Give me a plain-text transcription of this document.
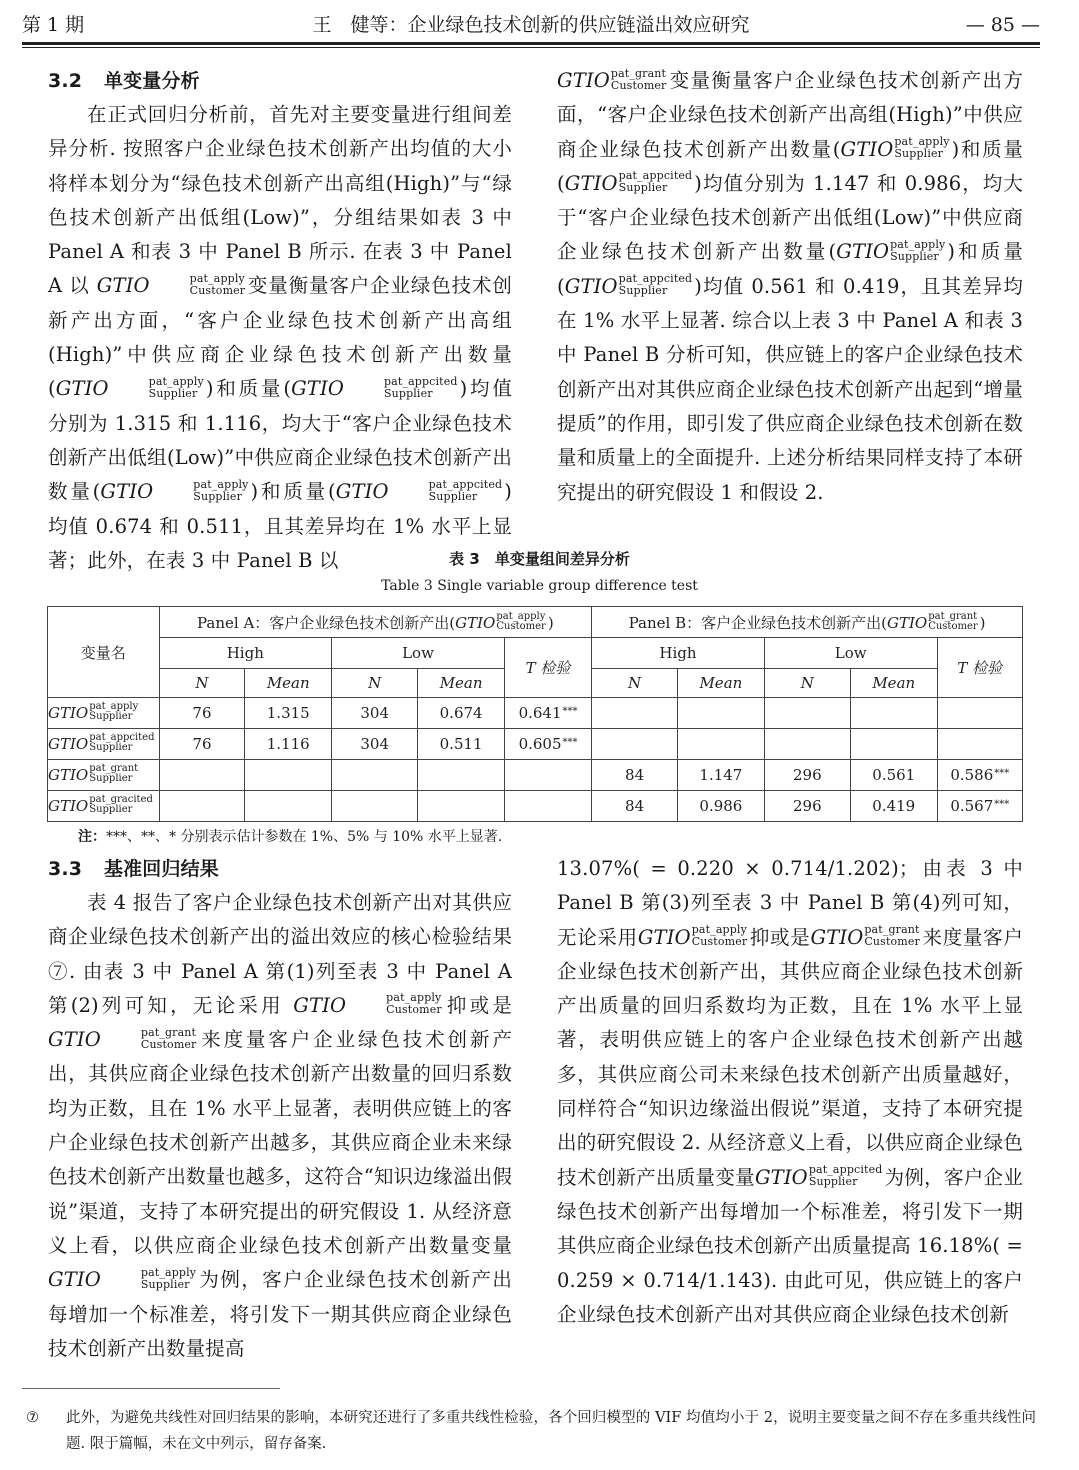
第 1 期	王　健等：企业绿色技术创新的供应链溢出效应研究	— 85 —
3.2 单变量分析

在正式回归分析前，首先对主要变量进行组间差异分析. 按照客户企业绿色技术创新产出均值的大小将样本划分为“绿色技术创新产出高组(High)”与“绿色技术创新产出低组(Low)”，分组结果如表 3 中 Panel A 和表 3 中 Panel B 所示. 在表 3 中 Panel A 以 GTIO	pat_apply
Customer 变量衡量客户企业绿色技术创新产出方面，“客户企业绿色技术创新产出高组(High)”中供应商企业绿色技术创新产出数量(GTIO	pat_apply
Supplier )和质量(GTIO	pat_appcited
Supplier	)均值分别为 1.315 和 1.116，均大于“客户企业绿色技术创新产出低组(Low)”中供应商企业绿色技术创新产出数量(GTIO	pat_apply
Supplier )和质量(GTIO	pat_appcited
Supplier	)均值 0.674 和 0.511，且其差异均在 1% 水平上显著；此外，在表 3 中 Panel B 以

GTIO pat_grant
Customer 变量衡量客户企业绿色技术创新产出方面，“客户企业绿色技术创新产出高组(High)”中供应商企业绿色技术创新产出数量(GTIO pat_apply
Supplier )和质量(GTIO pat_appcited
Supplier	)均值分别为 1.147 和 0.986，均大于“客户企业绿色技术创新产出低组(Low)”中供应商企业绿色技术创新产出数量(GTIO pat_apply
Supplier )和质量(GTIO pat_appcited
Supplier	)均值 0.561 和 0.419，且其差异均在 1% 水平上显著. 综合以上表 3 中 Panel A 和表 3 中 Panel B 分析可知，供应链上的客户企业绿色技术创新产出对其供应商企业绿色技术创新产出起到“增量提质”的作用，即引发了供应商企业绿色技术创新在数量和质量上的全面提升. 上述分析结果同样支持了本研究提出的研究假设 1 和假设 2.

表 3　单变量组间差异分析
Table 3 Single variable group difference test
变量名	Panel A：客户企业绿色技术创新产出(GTIO pat_apply
Customer )					Panel B：客户企业绿色技术创新产出(GTIO pat_grant
Customer )				
	High		Low		T 检验	High		Low		T 检验
	N	Mean	N	Mean		N	Mean	N	Mean	
GTIO pat_apply
Supplier	76	1.315	304	0.674	0.641***					
GTIO pat_appcited
Supplier	76	1.116	304	0.511	0.605***					
GTIO pat_grant
Supplier						84	1.147	296	0.561	0.586***
GTIO pat_gracited
Supplier						84	0.986	296	0.419	0.567***
注：***、**、* 分别表示估计参数在 1%、5% 与 10% 水平上显著.
3.3 基准回归结果

表 4 报告了客户企业绿色技术创新产出对其供应商企业绿色技术创新产出的溢出效应的核心检验结果⑦. 由表 3 中 Panel A 第(1)列至表 3 中 Panel A 第(2)列可知，无论采用 GTIO	pat_apply
Customer 抑或是GTIO	pat_grant
Customer 来度量客户企业绿色技术创新产出，其供应商企业绿色技术创新产出数量的回归系数均为正数，且在 1% 水平上显著，表明供应链上的客户企业绿色技术创新产出越多，其供应商企业未来绿色技术创新产出数量也越多，这符合“知识边缘溢出假说”渠道，支持了本研究提出的研究假设 1. 从经济意义上看，以供应商企业绿色技术创新产出数量变量GTIO	pat_apply
Supplier 为例，客户企业绿色技术创新产出每增加一个标准差，将引发下一期其供应商企业绿色技术创新产出数量提高

13.07%( = 0.220 × 0.714/1.202)；由表 3 中 Panel B 第(3)列至表 3 中 Panel B 第(4)列可知，无论采用GTIO pat_apply
Customer 抑或是GTIO pat_grant
Customer 来度量客户企业绿色技术创新产出，其供应商企业绿色技术创新产出质量的回归系数均为正数，且在 1% 水平上显著，表明供应链上的客户企业绿色技术创新产出越多，其供应商公司未来绿色技术创新产出质量越好，同样符合“知识边缘溢出假说”渠道，支持了本研究提出的研究假设 2. 从经济意义上看，以供应商企业绿色技术创新产出质量变量GTIO pat_appcited
Supplier	为例，客户企业绿色技术创新产出每增加一个标准差，将引发下一期其供应商企业绿色技术创新产出质量提高 16.18%( = 0.259 × 0.714/1.143). 由此可见，供应链上的客户企业绿色技术创新产出对其供应商企业绿色技术创新

⑦ 此外，为避免共线性对回归结果的影响，本研究还进行了多重共线性检验，各个回归模型的 VIF 均值均小于 2，说明主要变量之间不存在多重共线性问题. 限于篇幅，未在文中列示，留存备案.
